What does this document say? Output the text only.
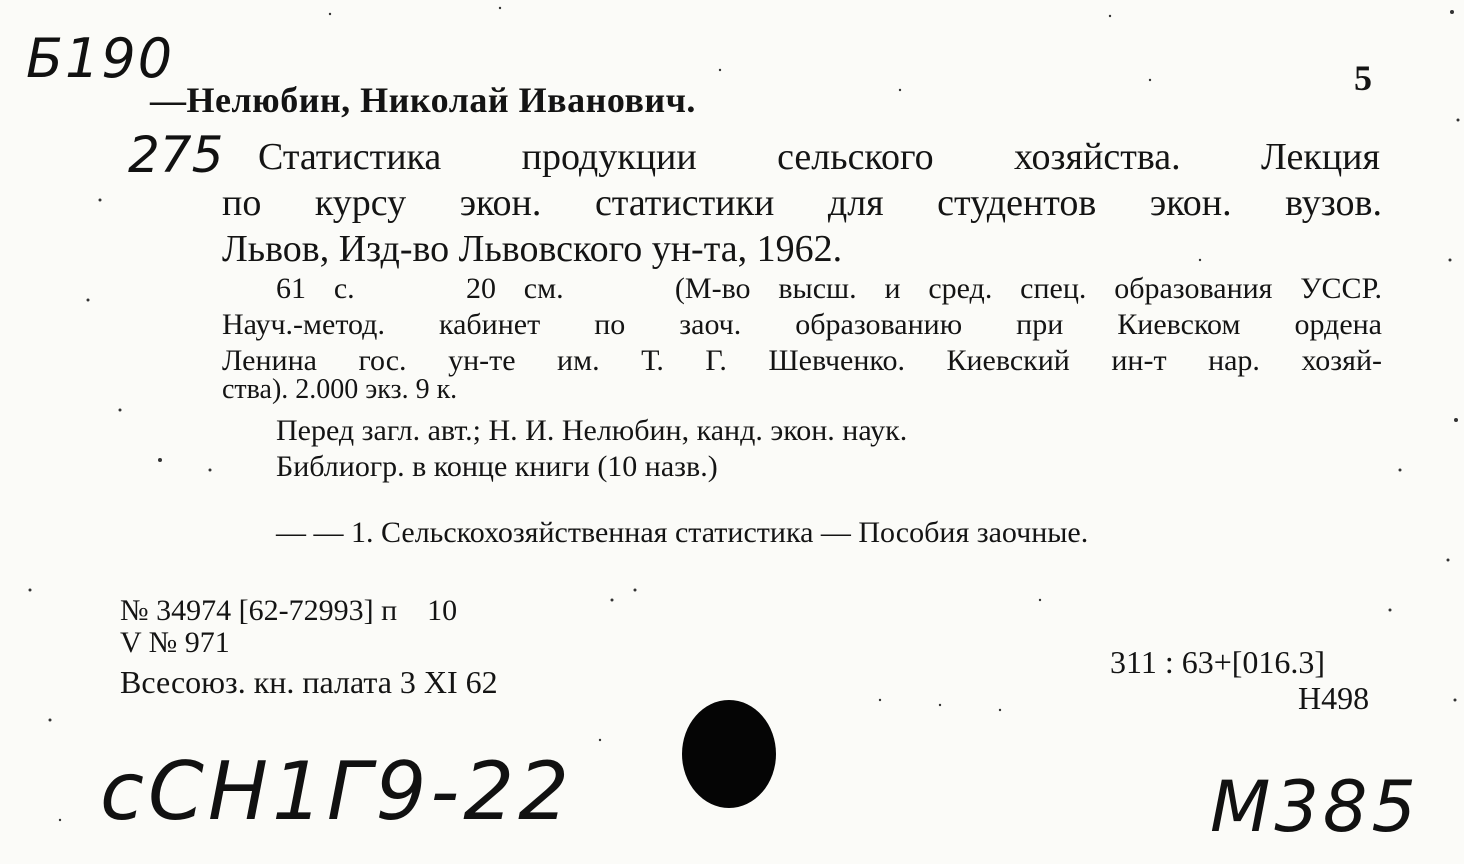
Б190
275
5
—Нелюбин, Николай Иванович.
Статистика продукции сельского хозяйства. Лекция
по курсу экон. статистики для студентов экон. вузов.
Львов, Изд-во Львовского ун-та, 1962.
61 с.    20 см.    (М-во высш. и сред. спец. образования УССР.
Науч.-метод. кабинет по заоч. образованию при Киевском ордена
Ленина гос. ун-те им. Т. Г. Шевченко. Киевский ин-т нар. хозяй-
ства). 2.000 экз. 9 к.
Перед загл. авт.; Н. И. Нелюбин, канд. экон. наук.
Библиогр. в конце книги (10 назв.)
— — 1. Сельскохозяйственная статистика — Пособия заочные.
№ 34974 [62-72993] п    10
V № 971
Всесоюз. кн. палата 3 XI 62
311 : 63+[016.3]
Н498
сСН1Г9-22	М385
